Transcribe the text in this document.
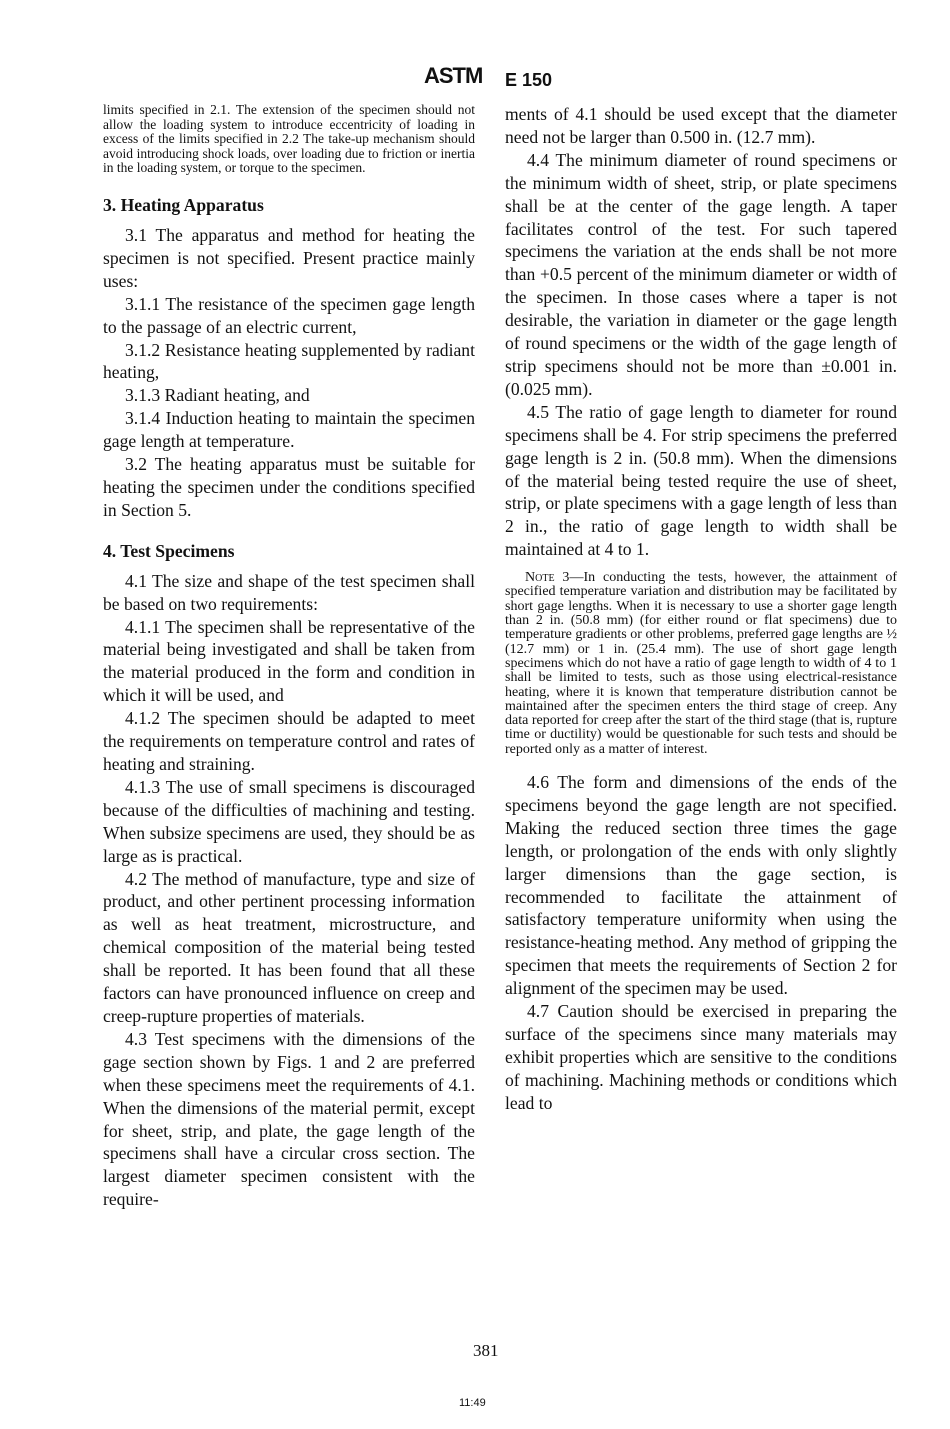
ASTM E 150

limits specified in 2.1. The extension of the specimen should not allow the loading system to introduce eccentricity of loading in excess of the limits specified in 2.2 The take-up mechanism should avoid introducing shock loads, over loading due to friction or inertia in the loading system, or torque to the specimen.

3. Heating Apparatus

3.1 The apparatus and method for heating the specimen is not specified. Present practice mainly uses:

3.1.1 The resistance of the specimen gage length to the passage of an electric current,

3.1.2 Resistance heating supplemented by radiant heating,

3.1.3 Radiant heating, and

3.1.4 Induction heating to maintain the specimen gage length at temperature.

3.2 The heating apparatus must be suitable for heating the specimen under the conditions specified in Section 5.

4. Test Specimens

4.1 The size and shape of the test specimen shall be based on two requirements:

4.1.1 The specimen shall be representative of the material being investigated and shall be taken from the material produced in the form and condition in which it will be used, and

4.1.2 The specimen should be adapted to meet the requirements on temperature control and rates of heating and straining.

4.1.3 The use of small specimens is discouraged because of the difficulties of machining and testing. When subsize specimens are used, they should be as large as is practical.

4.2 The method of manufacture, type and size of product, and other pertinent processing information as well as heat treatment, microstructure, and chemical composition of the material being tested shall be reported. It has been found that all these factors can have pronounced influence on creep and creep-rupture properties of materials.

4.3 Test specimens with the dimensions of the gage section shown by Figs. 1 and 2 are preferred when these specimens meet the requirements of 4.1. When the dimensions of the material permit, except for sheet, strip, and plate, the gage length of the specimens shall have a circular cross section. The largest diameter specimen consistent with the require-

ments of 4.1 should be used except that the diameter need not be larger than 0.500 in. (12.7 mm).

4.4 The minimum diameter of round specimens or the minimum width of sheet, strip, or plate specimens shall be at the center of the gage length. A taper facilitates control of the test. For such tapered specimens the variation at the ends shall be not more than +0.5 percent of the minimum diameter or width of the specimen. In those cases where a taper is not desirable, the variation in diameter or the gage length of round specimens or the width of the gage length of strip specimens should not be more than ±0.001 in. (0.025 mm).

4.5 The ratio of gage length to diameter for round specimens shall be 4. For strip specimens the preferred gage length is 2 in. (50.8 mm). When the dimensions of the material being tested require the use of sheet, strip, or plate specimens with a gage length of less than 2 in., the ratio of gage length to width shall be maintained at 4 to 1.

Note 3—In conducting the tests, however, the attainment of specified temperature variation and distribution may be facilitated by short gage lengths. When it is necessary to use a shorter gage length than 2 in. (50.8 mm) (for either round or flat specimens) due to temperature gradients or other problems, preferred gage lengths are ½ (12.7 mm) or 1 in. (25.4 mm). The use of short gage length specimens which do not have a ratio of gage length to width of 4 to 1 shall be limited to tests, such as those using electrical-resistance heating, where it is known that temperature distribution cannot be maintained after the specimen enters the third stage of creep. Any data reported for creep after the start of the third stage (that is, rupture time or ductility) would be questionable for such tests and should be reported only as a matter of interest.

4.6 The form and dimensions of the ends of the specimens beyond the gage length are not specified. Making the reduced section three times the gage length, or prolongation of the ends with only slightly larger dimensions than the gage section, is recommended to facilitate the attainment of satisfactory temperature uniformity when using the resistance-heating method. Any method of gripping the specimen that meets the requirements of Section 2 for alignment of the specimen may be used.

4.7 Caution should be exercised in preparing the surface of the specimens since many materials may exhibit properties which are sensitive to the conditions of machining. Machining methods or conditions which lead to

381
11:49
